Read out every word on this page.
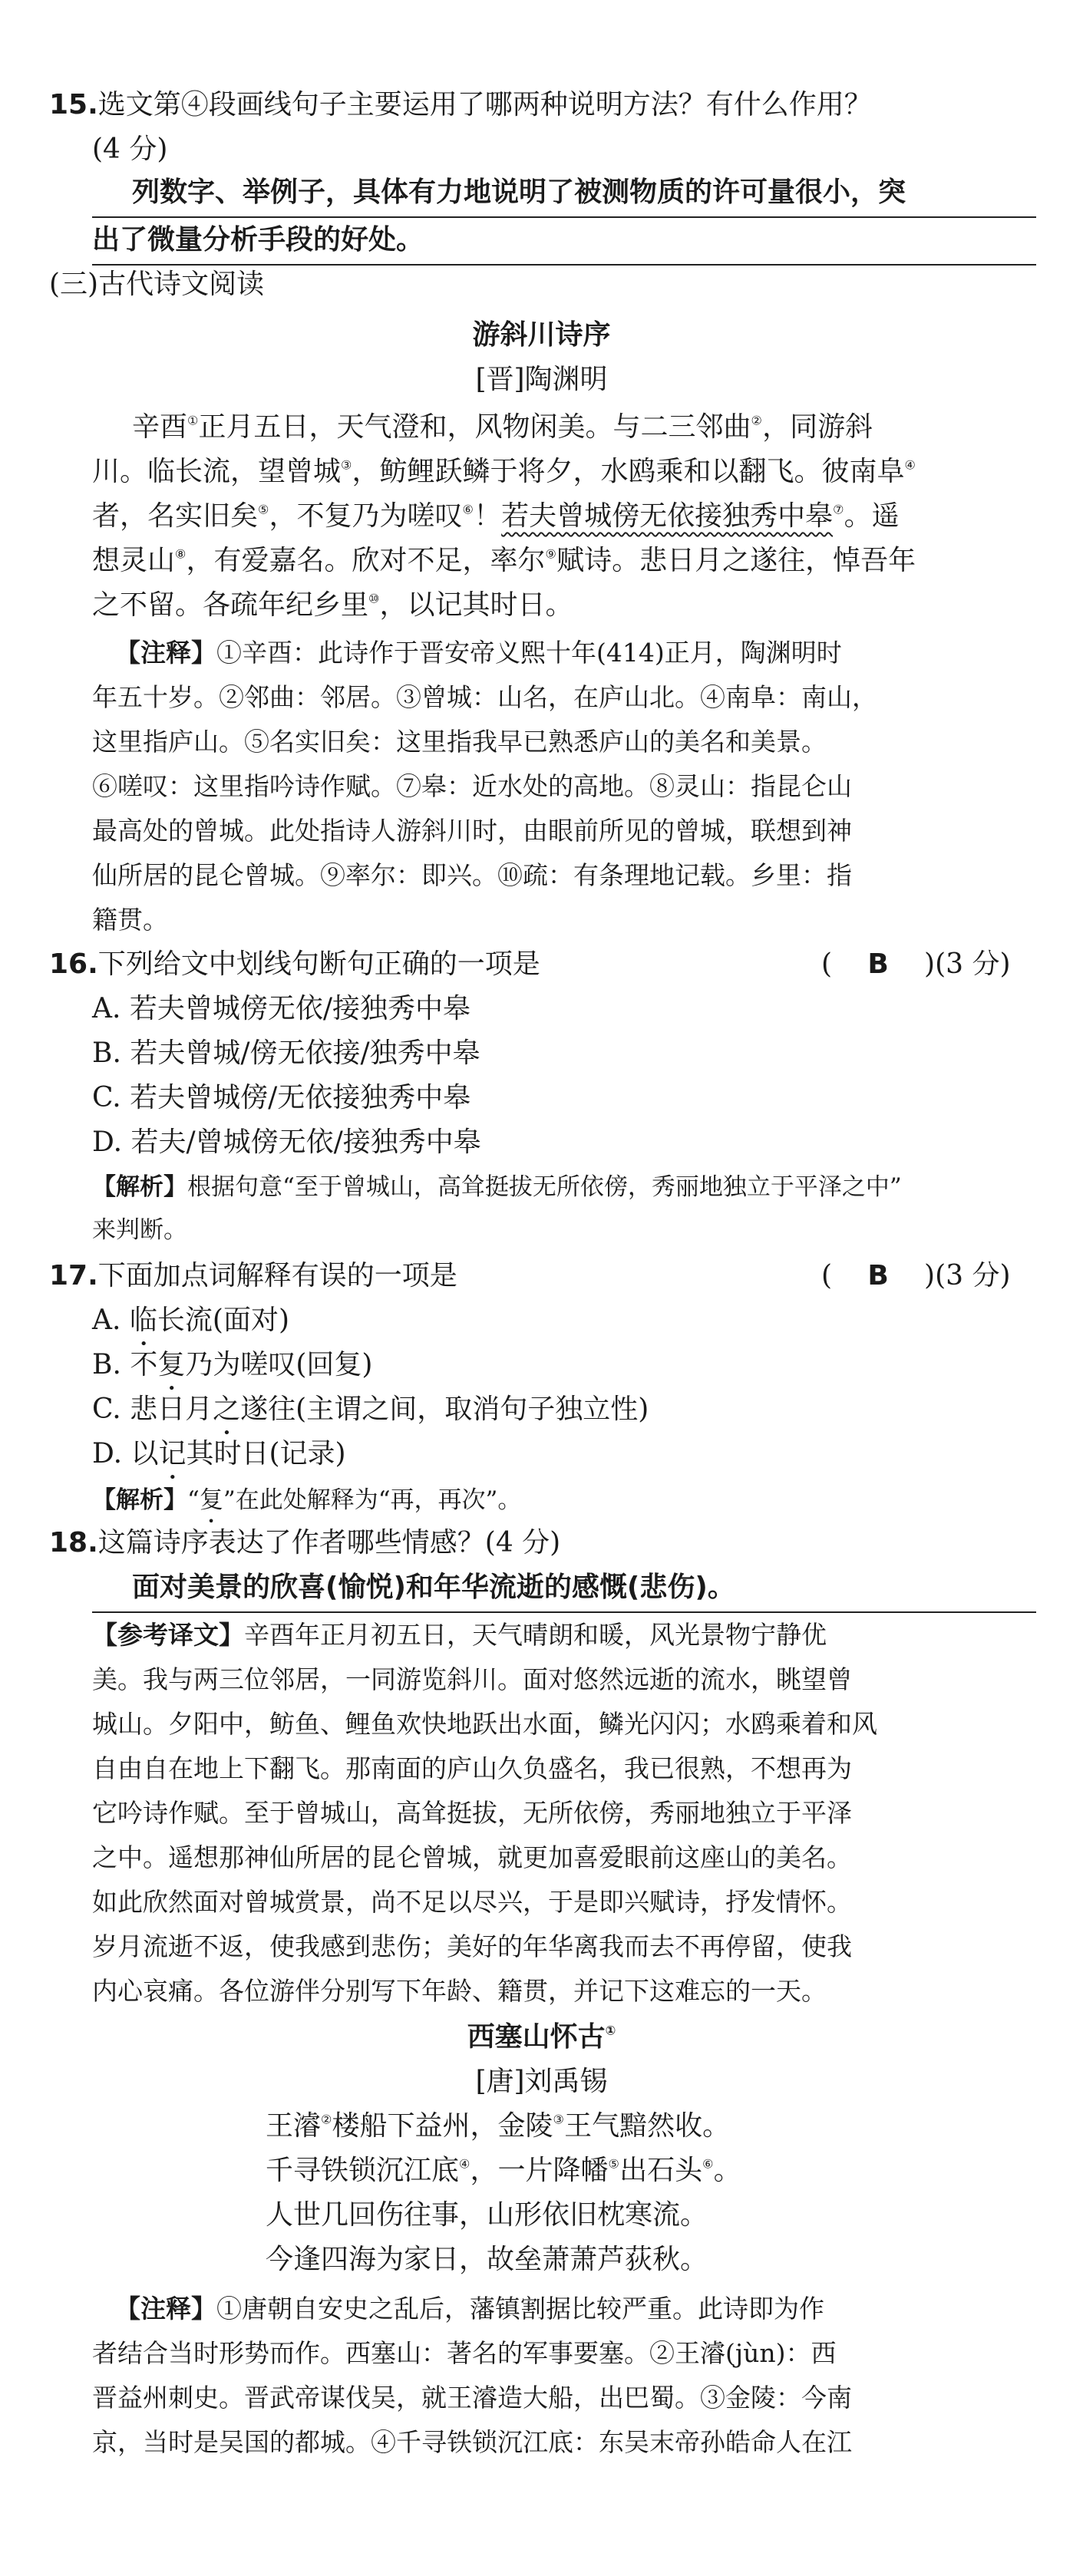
15.选文第④段画线句子主要运用了哪两种说明方法？有什么作用？
(4 分)
列数字、举例子，具体有力地说明了被测物质的许可量很小，突
出了微量分析手段的好处。
(三)古代诗文阅读
游斜川诗序
[晋]陶渊明
辛酉①正月五日，天气澄和，风物闲美。与二三邻曲②，同游斜
川。临长流，望曾城③，鲂鲤跃鳞于将夕，水鸥乘和以翻飞。彼南阜④
者，名实旧矣⑤，不复乃为嗟叹⑥！若夫曾城傍无依接独秀中皋⑦。遥
想灵山⑧，有爱嘉名。欣对不足，率尔⑨赋诗。悲日月之遂往，悼吾年
之不留。各疏年纪乡里⑩，以记其时日。
【注释】①辛酉：此诗作于晋安帝义熙十年(414)正月，陶渊明时
年五十岁。②邻曲：邻居。③曾城：山名，在庐山北。④南阜：南山，
这里指庐山。⑤名实旧矣：这里指我早已熟悉庐山的美名和美景。
⑥嗟叹：这里指吟诗作赋。⑦皋：近水处的高地。⑧灵山：指昆仑山
最高处的曾城。此处指诗人游斜川时，由眼前所见的曾城，联想到神
仙所居的昆仑曾城。⑨率尔：即兴。⑩疏：有条理地记载。乡里：指
籍贯。
16.下列给文中划线句断句正确的一项是	( B )(3 分)
A. 若夫曾城傍无依/接独秀中皋
B. 若夫曾城/傍无依接/独秀中皋
C. 若夫曾城傍/无依接独秀中皋
D. 若夫/曾城傍无依/接独秀中皋
【解析】根据句意“至于曾城山，高耸挺拔无所依傍，秀丽地独立于平泽之中”
来判断。
17.下面加点词解释有误的一项是	( B )(3 分)
A. 临长流(面对)
B. 不复乃为嗟叹(回复)
C. 悲日月之遂往(主谓之间，取消句子独立性)
D. 以记其时日(记录)
【解析】“复”在此处解释为“再，再次”。
18.这篇诗序表达了作者哪些情感？(4 分)
面对美景的欣喜(愉悦)和年华流逝的感慨(悲伤)。
【参考译文】辛酉年正月初五日，天气晴朗和暖，风光景物宁静优
美。我与两三位邻居，一同游览斜川。面对悠然远逝的流水，眺望曾
城山。夕阳中，鲂鱼、鲤鱼欢快地跃出水面，鳞光闪闪；水鸥乘着和风
自由自在地上下翻飞。那南面的庐山久负盛名，我已很熟，不想再为
它吟诗作赋。至于曾城山，高耸挺拔，无所依傍，秀丽地独立于平泽
之中。遥想那神仙所居的昆仑曾城，就更加喜爱眼前这座山的美名。
如此欣然面对曾城赏景，尚不足以尽兴，于是即兴赋诗，抒发情怀。
岁月流逝不返，使我感到悲伤；美好的年华离我而去不再停留，使我
内心哀痛。各位游伴分别写下年龄、籍贯，并记下这难忘的一天。
西塞山怀古①
[唐]刘禹锡
王濬②楼船下益州，金陵③王气黯然收。
千寻铁锁沉江底④，一片降幡⑤出石头⑥。
人世几回伤往事，山形依旧枕寒流。
今逢四海为家日，故垒萧萧芦荻秋。
【注释】①唐朝自安史之乱后，藩镇割据比较严重。此诗即为作
者结合当时形势而作。西塞山：著名的军事要塞。②王濬(jùn)：西
晋益州刺史。晋武帝谋伐吴，就王濬造大船，出巴蜀。③金陵：今南
京，当时是吴国的都城。④千寻铁锁沉江底：东吴末帝孙皓命人在江
